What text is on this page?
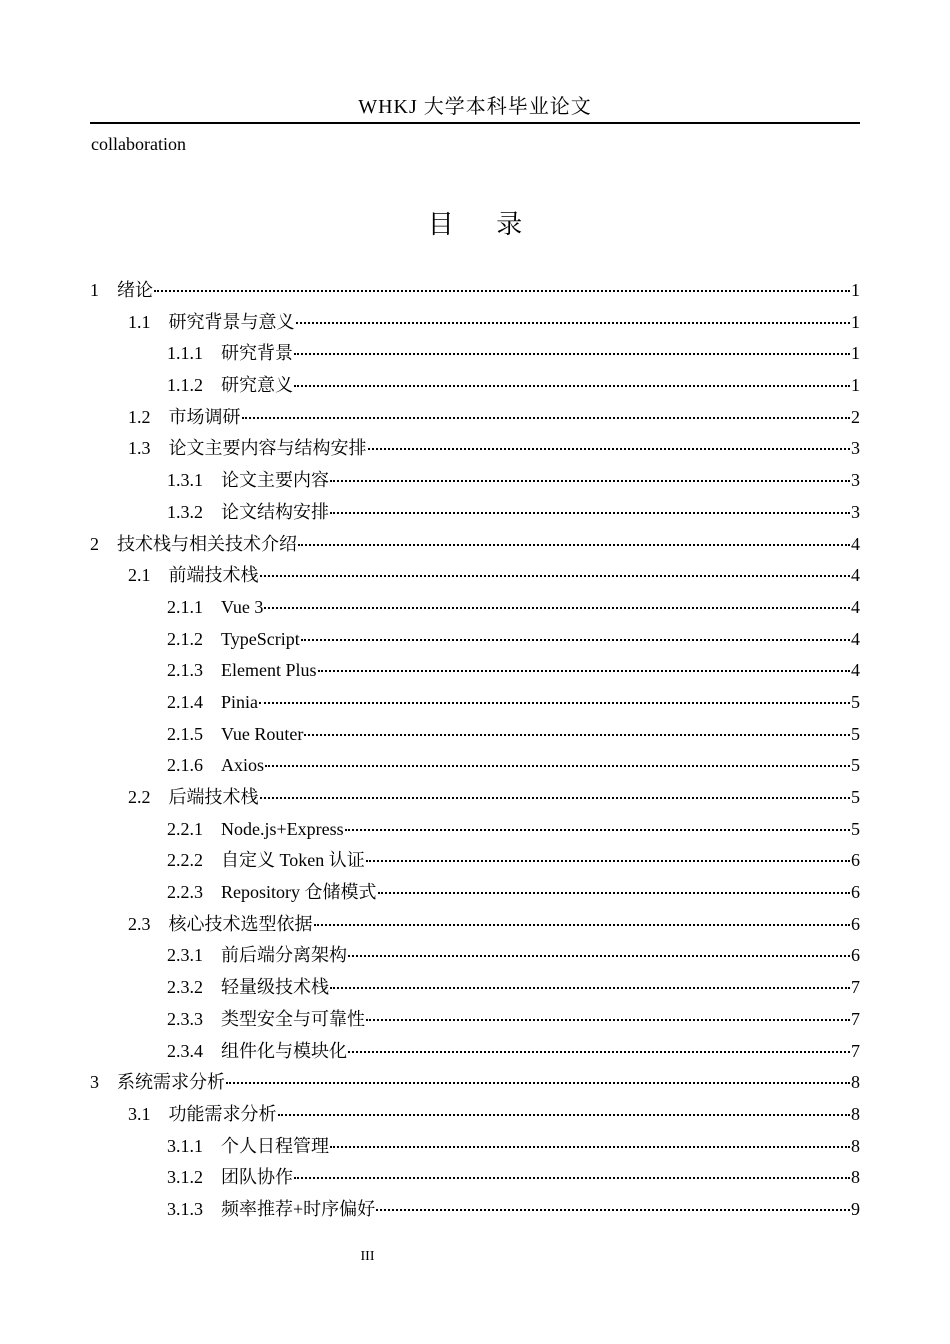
WHKJ 大学本科毕业论文
collaboration
目 录
1 绪论	1
1.1 研究背景与意义	1
1.1.1 研究背景	1
1.1.2 研究意义	1
1.2 市场调研	2
1.3 论文主要内容与结构安排	3
1.3.1 论文主要内容	3
1.3.2 论文结构安排	3
2 技术栈与相关技术介绍	4
2.1 前端技术栈	4
2.1.1 Vue 3	4
2.1.2 TypeScript	4
2.1.3 Element Plus	4
2.1.4 Pinia	5
2.1.5 Vue Router	5
2.1.6 Axios	5
2.2 后端技术栈	5
2.2.1 Node.js+Express	5
2.2.2 自定义 Token 认证	6
2.2.3 Repository 仓储模式	6
2.3 核心技术选型依据	6
2.3.1 前后端分离架构	6
2.3.2 轻量级技术栈	7
2.3.3 类型安全与可靠性	7
2.3.4 组件化与模块化	7
3 系统需求分析	8
3.1 功能需求分析	8
3.1.1 个人日程管理	8
3.1.2 团队协作	8
3.1.3 频率推荐+时序偏好	9
III
